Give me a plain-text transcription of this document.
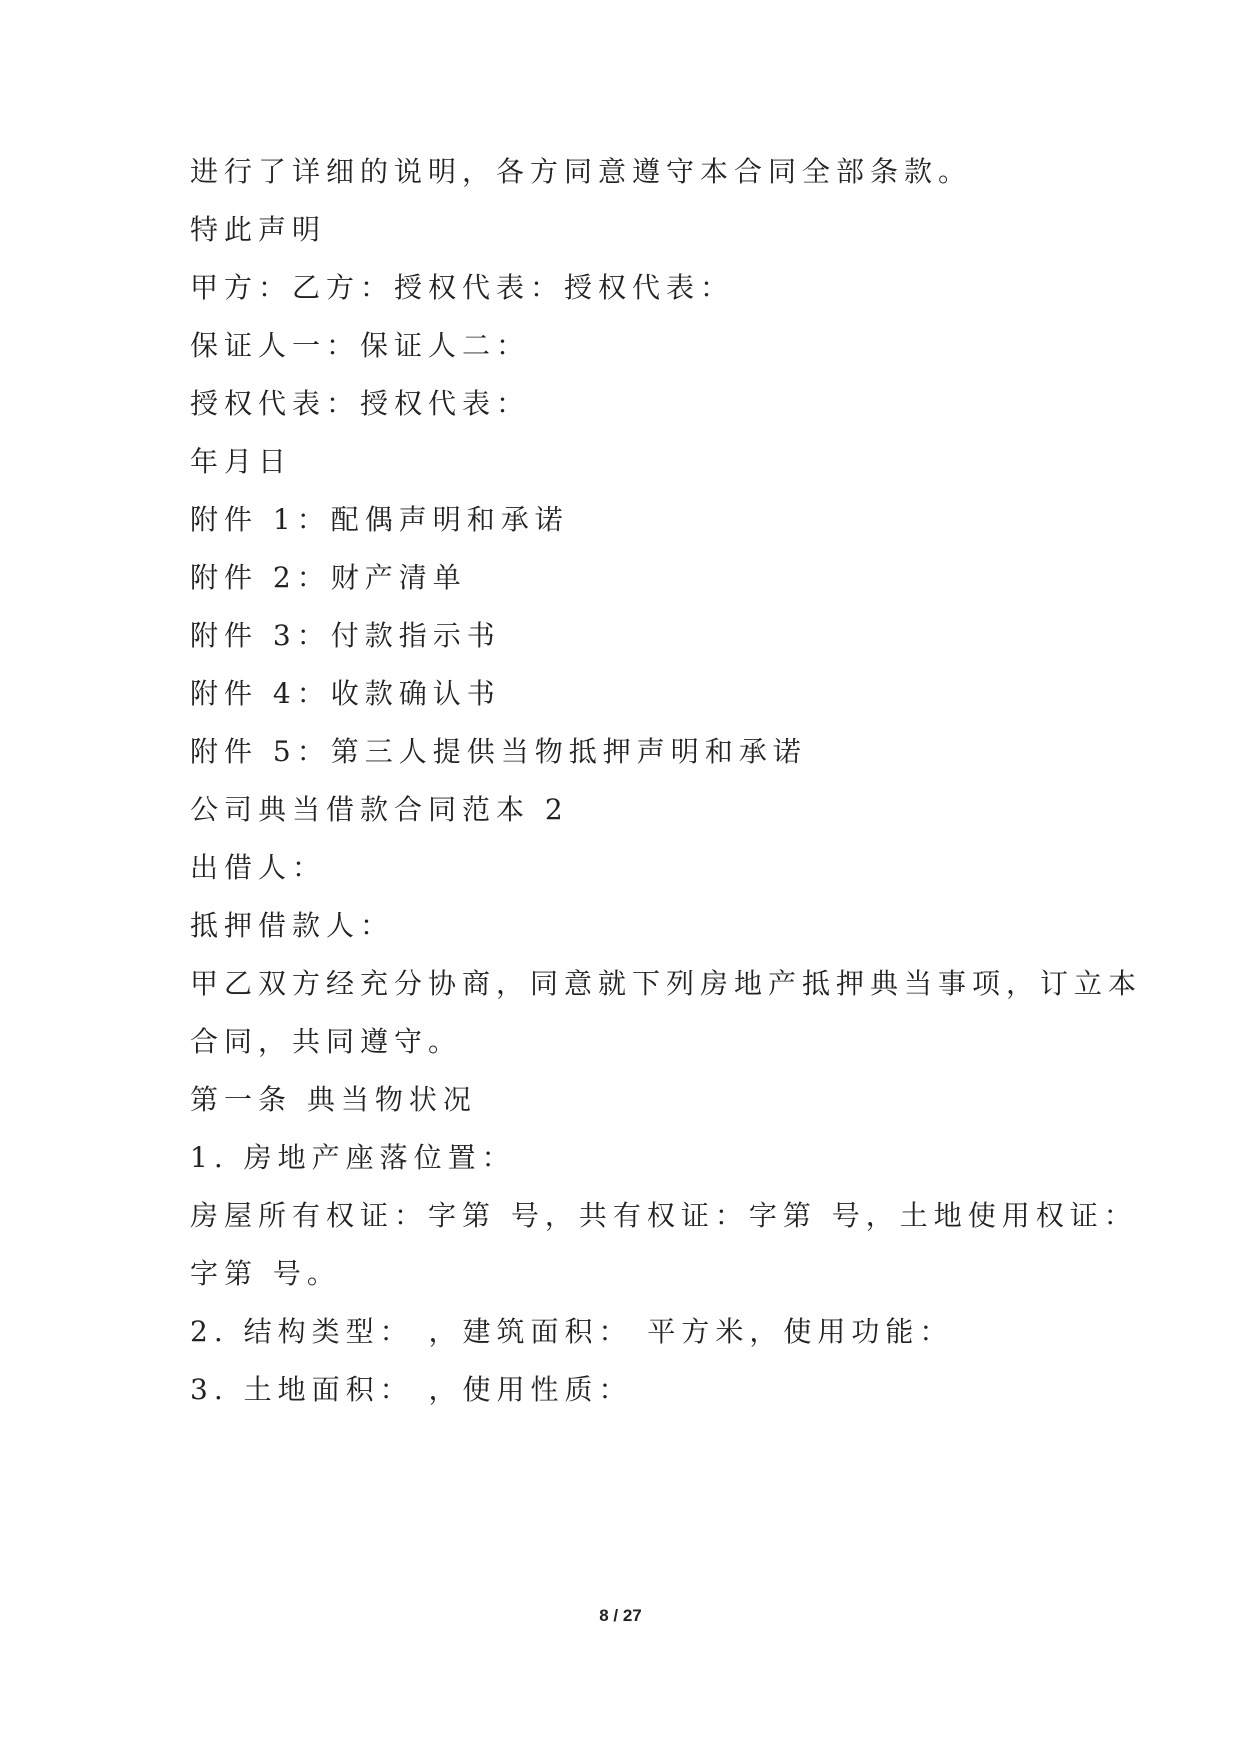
进行了详细的说明，各方同意遵守本合同全部条款。

特此声明

甲方：乙方：授权代表：授权代表：

保证人一：保证人二：

授权代表：授权代表：

年月日

附件 1：配偶声明和承诺

附件 2：财产清单

附件 3：付款指示书

附件 4：收款确认书

附件 5：第三人提供当物抵押声明和承诺

公司典当借款合同范本 2

出借人：

抵押借款人：

甲乙双方经充分协商，同意就下列房地产抵押典当事项，订立本

合同，共同遵守。

第一条 典当物状况

1. 房地产座落位置：

房屋所有权证：字第 号，共有权证：字第 号，土地使用权证：

字第 号。

2. 结构类型： ，建筑面积： 平方米，使用功能：

3. 土地面积： ，使用性质：

8 / 27
